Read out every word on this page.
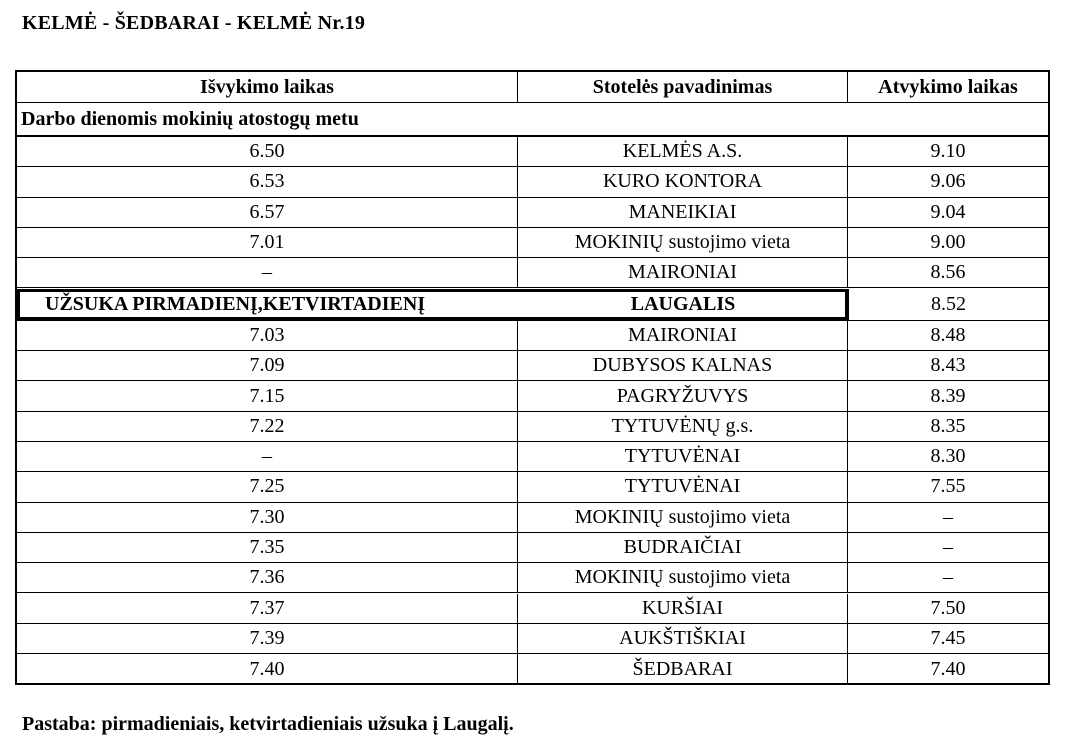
KELMĖ - ŠEDBARAI - KELMĖ Nr.19
Išvykimo laikas	Stotelės pavadinimas	Atvykimo laikas
Darbo dienomis mokinių atostogų metu
6.50	KELMĖS A.S.	9.10
6.53	KURO KONTORA	9.06
6.57	MANEIKIAI	9.04
7.01	MOKINIŲ sustojimo vieta	9.00
–	MAIRONIAI	8.56
UŽSUKA PIRMADIENĮ,KETVIRTADIENĮ	LAUGALIS	8.52
7.03	MAIRONIAI	8.48
7.09	DUBYSOS KALNAS	8.43
7.15	PAGRYŽUVYS	8.39
7.22	TYTUVĖNŲ g.s.	8.35
–	TYTUVĖNAI	8.30
7.25	TYTUVĖNAI	7.55
7.30	MOKINIŲ sustojimo vieta	–
7.35	BUDRAIČIAI	–
7.36	MOKINIŲ sustojimo vieta	–
7.37	KURŠIAI	7.50
7.39	AUKŠTIŠKIAI	7.45
7.40	ŠEDBARAI	7.40
Pastaba: pirmadieniais, ketvirtadieniais užsuka į Laugalį.
